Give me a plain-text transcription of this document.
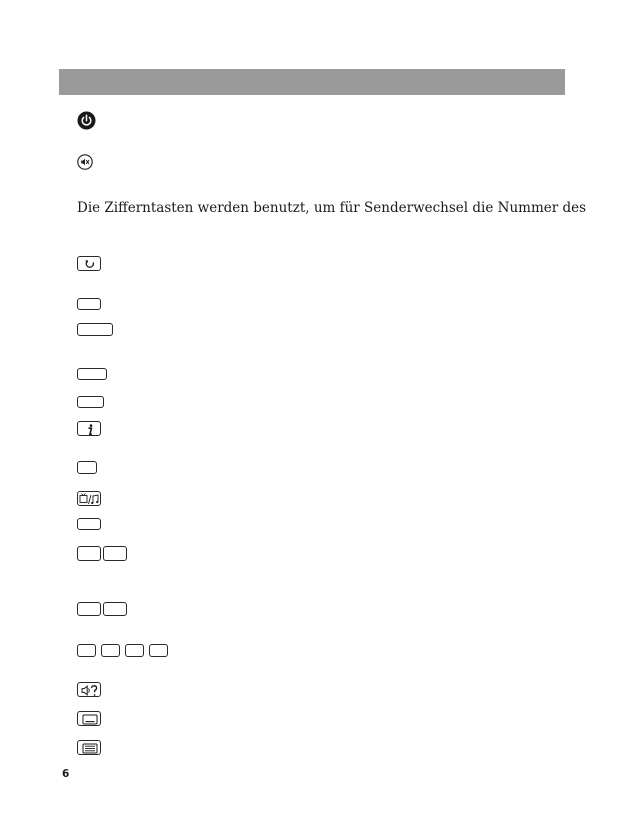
Die Zifferntasten werden benutzt, um für Senderwechsel die Nummer des
6
